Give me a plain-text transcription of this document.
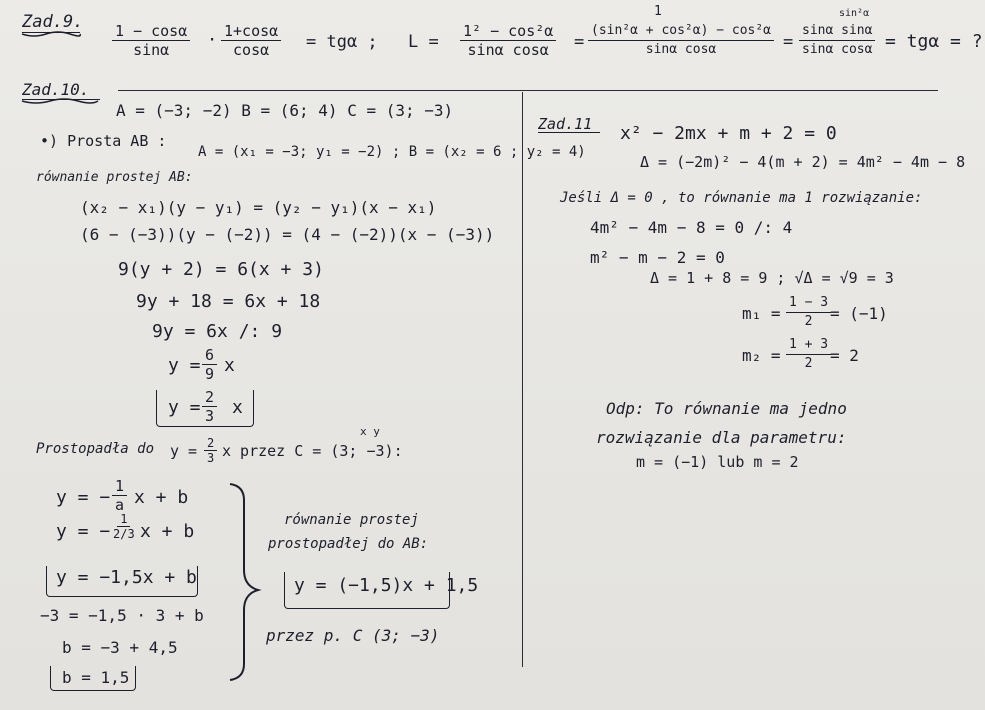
Zad.9. $\frac{1 - \cos\alpha}{\sin\alpha} \cdot \frac{1+\cos\alpha}{\cos\alpha} = tg\alpha$ ; $L = \frac{\text{1² − cos²α}}{\text{sinα cosα}}$ =
1
$\frac{\text{(sin²α + cos²α) − cos²α}}{\text{sinα cosα}}$ =
sin²α
$\frac{\text{sinα sinα}}{\text{sinα cosα}} = tg\alpha$ = ?
Zad.10.
A = (−3; −2) B = (6; 4) C = (3; −3)
•) Prosta AB :
A = (x₁ = −3; y₁ = −2) ; B = (x₂ = 6 ; y₂ = 4)
równanie prostej AB:
(x₂ − x₁)(y − y₁) = (y₂ − y₁)(x − x₁)
(6 − (−3))(y − (−2)) = (4 − (−2))(x − (−3))
9(y + 2) = 6(x + 3)
9y + 18 = 6x + 18
9y = 6x /: 9
$y = \frac{6}{9}$ x
$y = \frac{2}{3}$ x
Prostopadła do $y = \frac{2}{3}$ x przez C = (3; −3):
x y
y = − $\frac{1}{a}$ x + b
y = − $\frac{1}{2/3}$ x + b
y = −1,5x + b
−3 = −1,5 · 3 + b
b = −3 + 4,5
b = 1,5
równanie prostej
prostopadłej do AB:
y = (−1,5)x + 1,5
przez p. C (3; −3)
Zad.11 x² − 2mx + m + 2 = 0
Δ = (−2m)² − 4(m + 2) = 4m² − 4m − 8
Jeśli Δ = 0 , to równanie ma 1 rozwiązanie:
4m² − 4m − 8 = 0 /: 4
m² − m − 2 = 0
Δ = 1 + 8 = 9 ; √Δ = √9 = 3
$m_1 = \frac{1 - 3}{2}$
= (−1)
$m_2 = \frac{1 + 3}{2}$
= 2
Odp: To równanie ma jedno
rozwiązanie dla parametru:
m = (−1) lub m = 2
